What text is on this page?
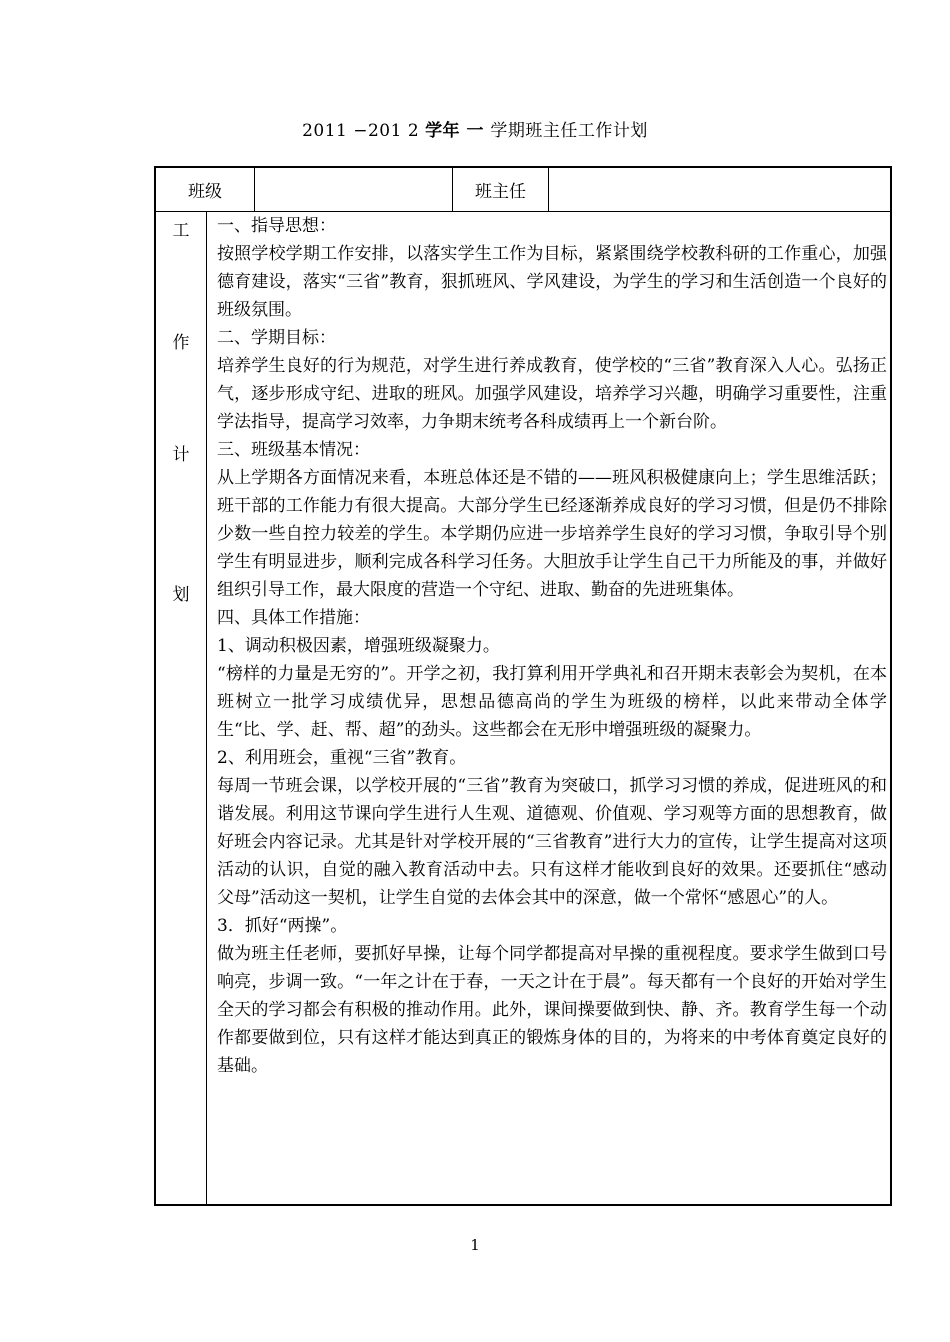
2011 −201 2 学年 一 学期班主任工作计划
班级	班主任
工
作
计
划

一、指导思想：

按照学校学期工作安排，以落实学生工作为目标，紧紧围绕学校教科研的工作重心，加强德育建设，落实“三省”教育，狠抓班风、学风建设，为学生的学习和生活创造一个良好的班级氛围。

二、学期目标：

培养学生良好的行为规范，对学生进行养成教育，使学校的“三省”教育深入人心。弘扬正气，逐步形成守纪、进取的班风。加强学风建设，培养学习兴趣，明确学习重要性，注重学法指导，提高学习效率，力争期末统考各科成绩再上一个新台阶。

三、班级基本情况：

从上学期各方面情况来看，本班总体还是不错的——班风积极健康向上；学生思维活跃；班干部的工作能力有很大提高。大部分学生已经逐渐养成良好的学习习惯，但是仍不排除少数一些自控力较差的学生。本学期仍应进一步培养学生良好的学习习惯，争取引导个别学生有明显进步，顺利完成各科学习任务。大胆放手让学生自己干力所能及的事，并做好组织引导工作，最大限度的营造一个守纪、进取、勤奋的先进班集体。

四、具体工作措施：

1、调动积极因素，增强班级凝聚力。

“榜样的力量是无穷的”。开学之初，我打算利用开学典礼和召开期末表彰会为契机，在本班树立一批学习成绩优异，思想品德高尚的学生为班级的榜样，以此来带动全体学生“比、学、赶、帮、超”的劲头。这些都会在无形中增强班级的凝聚力。

2、利用班会，重视“三省”教育。

每周一节班会课，以学校开展的“三省”教育为突破口，抓学习习惯的养成，促进班风的和谐发展。利用这节课向学生进行人生观、道德观、价值观、学习观等方面的思想教育，做好班会内容记录。尤其是针对学校开展的“三省教育”进行大力的宣传，让学生提高对这项活动的认识，自觉的融入教育活动中去。只有这样才能收到良好的效果。还要抓住“感动父母”活动这一契机，让学生自觉的去体会其中的深意，做一个常怀“感恩心”的人。

3．抓好“两操”。

做为班主任老师，要抓好早操，让每个同学都提高对早操的重视程度。要求学生做到口号响亮，步调一致。“一年之计在于春，一天之计在于晨”。每天都有一个良好的开始对学生全天的学习都会有积极的推动作用。此外，课间操要做到快、静、齐。教育学生每一个动作都要做到位，只有这样才能达到真正的锻炼身体的目的，为将来的中考体育奠定良好的基础。

1
